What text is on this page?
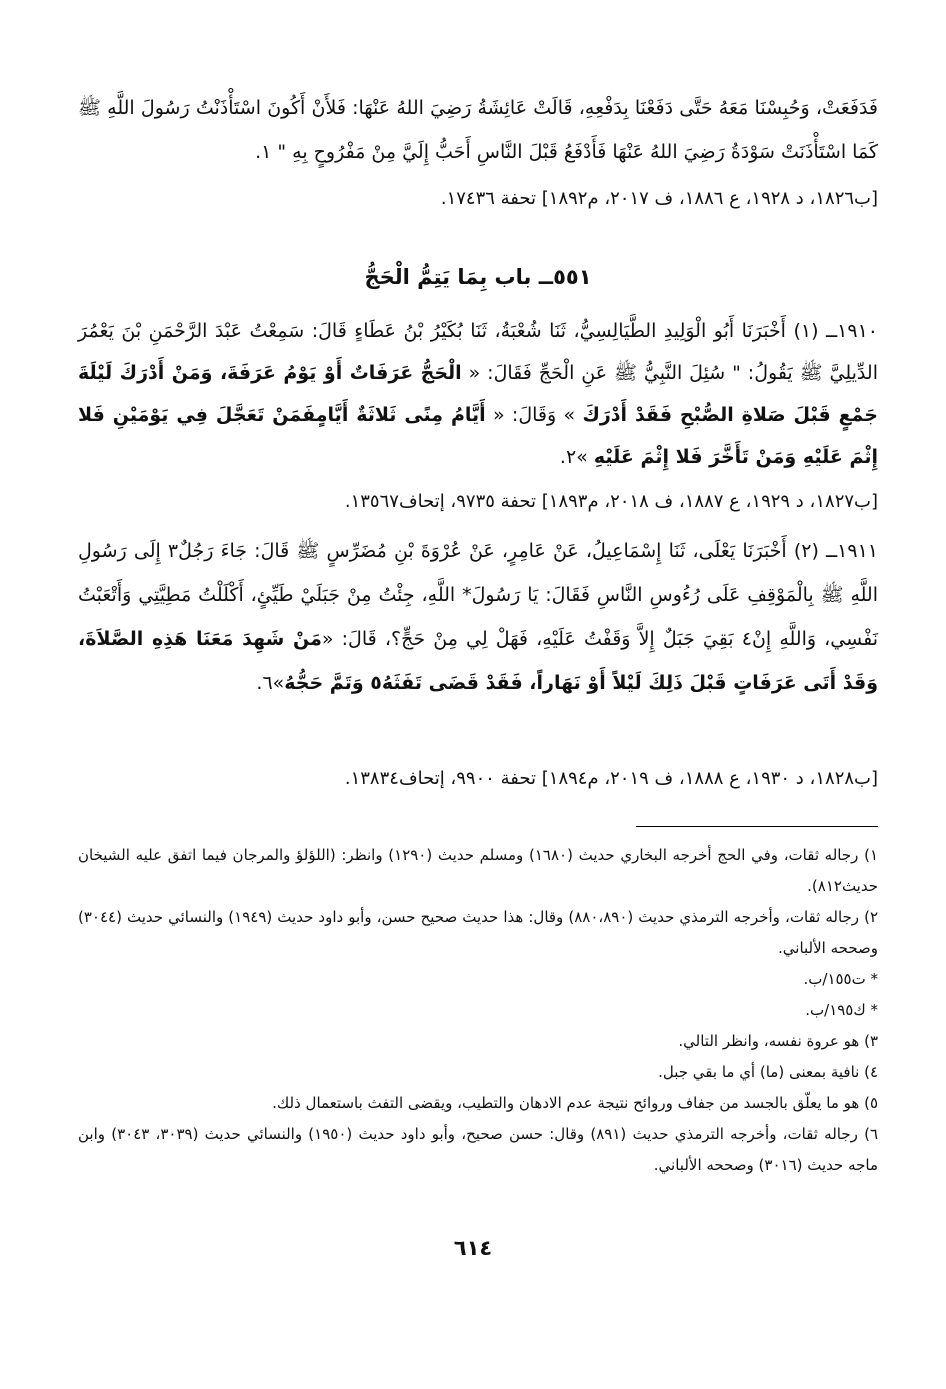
فَدَفَعَتْ، وَحُبِسْنَا مَعَهُ حَتَّى دَفَعْنَا بِدَفْعِهِ، قَالَتْ عَائِشَةُ رَضِيَ اللهُ عَنْهَا: فَلأَنْ أَكُونَ اسْتَأْذَنْتُ رَسُولَ اللَّهِ ﷺ كَمَا اسْتَأْذَنَتْ سَوْدَةُ رَضِيَ اللهُ عَنْهَا فَأَدْفَعُ قَبْلَ النَّاسِ أَحَبُّ إِلَيَّ مِنْ مَفْرُوحٍ بِهِ " ١.
[ب١٨٢٦، د ١٩٢٨، ع ١٨٨٦، ف ٢٠١٧، م١٨٩٢] تحفة ١٧٤٣٦.
٥٥١ــ باب بِمَا يَتِمُّ الْحَجُّ
١٩١٠ــ (١) أَخْبَرَنَا أَبُو الْوَلِيدِ الطَّيَالِسِيُّ، ثَنَا شُعْبَةُ، ثَنَا بُكَيْرُ بْنُ عَطَاءٍ قَالَ: سَمِعْتُ عَبْدَ الرَّحْمَنِ بْنَ يَعْمُرَ الدِّيلِيَّ ﷺ يَقُولُ: " سُئِلَ النَّبِيُّ ﷺ عَنِ الْحَجِّ فَقَالَ: « الْحَجُّ عَرَفَاتٌ أَوْ يَوْمُ عَرَفَةَ، وَمَنْ أَدْرَكَ لَيْلَةَ جَمْعٍ قَبْلَ صَلاةِ الصُّبْحِ فَقَدْ أَدْرَكَ » وَقَالَ: « أَيَّامُ مِنًى ثَلاثَةٌ أَيَّامٍفَمَنْ تَعَجَّلَ فِي يَوْمَيْنِ فَلا إِثْمَ عَلَيْهِ وَمَنْ تَأَخَّرَ فَلا إِثْمَ عَلَيْهِ »٢.
[ب١٨٢٧، د ١٩٢٩، ع ١٨٨٧، ف ٢٠١٨، م١٨٩٣] تحفة ٩٧٣٥، إتحاف١٣٥٦٧.
١٩١١ــ (٢) أَخْبَرَنَا يَعْلَى، ثَنَا إِسْمَاعِيلُ، عَنْ عَامِرٍ، عَنْ عُرْوَةَ بْنِ مُضَرِّسٍ ﷺ قَالَ: جَاءَ رَجُلٌ٣ إِلَى رَسُولِ اللَّهِ ﷺ بِالْمَوْقِفِ عَلَى رُءُوسِ النَّاسِ فَقَالَ: يَا رَسُولَ* اللَّهِ، جِئْتُ مِنْ جَبَلَيْ طَيِّئٍ، أَكْلَلْتُ مَطِيَّتِي وَأَتْعَبْتُ نَفْسِي، وَاللَّهِ إِنْ٤ بَقِيَ جَبَلٌ إِلاَّ وَقَفْتُ عَلَيْهِ، فَهَلْ لِي مِنْ حَجٍّ؟، قَالَ: «مَنْ شَهِدَ مَعَنَا هَذِهِ الصَّلاَةَ، وَقَدْ أَتَى عَرَفَاتٍ قَبْلَ ذَلِكَ لَيْلاً أَوْ نَهَاراً، فَقَدْ قَضَى تَفَثَهُ٥ وَتَمَّ حَجُّهُ»٦.
[ب١٨٢٨، د ١٩٣٠، ع ١٨٨٨، ف ٢٠١٩، م١٨٩٤] تحفة ٩٩٠٠، إتحاف١٣٨٣٤.
١) رجاله ثقات، وفي الحج أخرجه البخاري حديث (١٦٨٠) ومسلم حديث (١٢٩٠) وانظر: (اللؤلؤ والمرجان فيما اتفق عليه الشيخان حديث٨١٢).
٢) رجاله ثقات، وأخرجه الترمذي حديث (٨٨٠،٨٩٠) وقال: هذا حديث صحيح حسن، وأبو داود حديث (١٩٤٩) والنسائي حديث (٣٠٤٤) وصححه الألباني.
* ت١٥٥/ب.
* ك١٩٥/ب.
٣) هو عروة نفسه، وانظر التالي.
٤) نافية بمعنى (ما) أي ما بقي جبل.
٥) هو ما يعلّق بالجسد من جفاف وروائح نتيجة عدم الادهان والتطيب، ويقضى التفث باستعمال ذلك.
٦) رجاله ثقات، وأخرجه الترمذي حديث (٨٩١) وقال: حسن صحيح، وأبو داود حديث (١٩٥٠) والنسائي حديث (٣٠٣٩، ٣٠٤٣) وابن ماجه حديث (٣٠١٦) وصححه الألباني.
٦١٤
